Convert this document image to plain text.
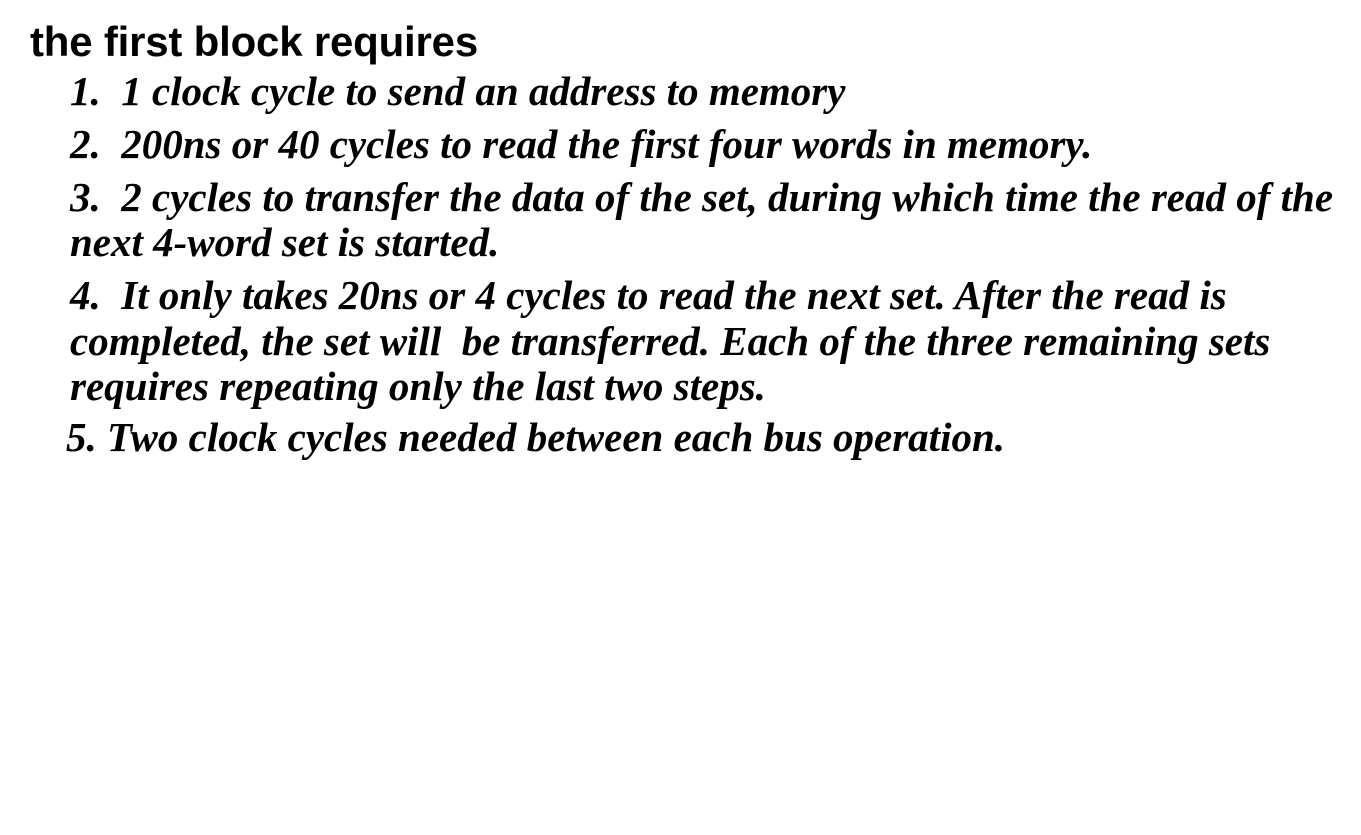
the first block requires
1.  1 clock cycle to send an address to memory
2.  200ns or 40 cycles to read the first four words in memory.
3.  2 cycles to transfer the data of the set, during which time the read of the next 4-word set is started.
4.  It only takes 20ns or 4 cycles to read the next set. After the read is completed, the set will  be transferred. Each of the three remaining sets requires repeating only the last two steps.
5. Two clock cycles needed between each bus operation.
